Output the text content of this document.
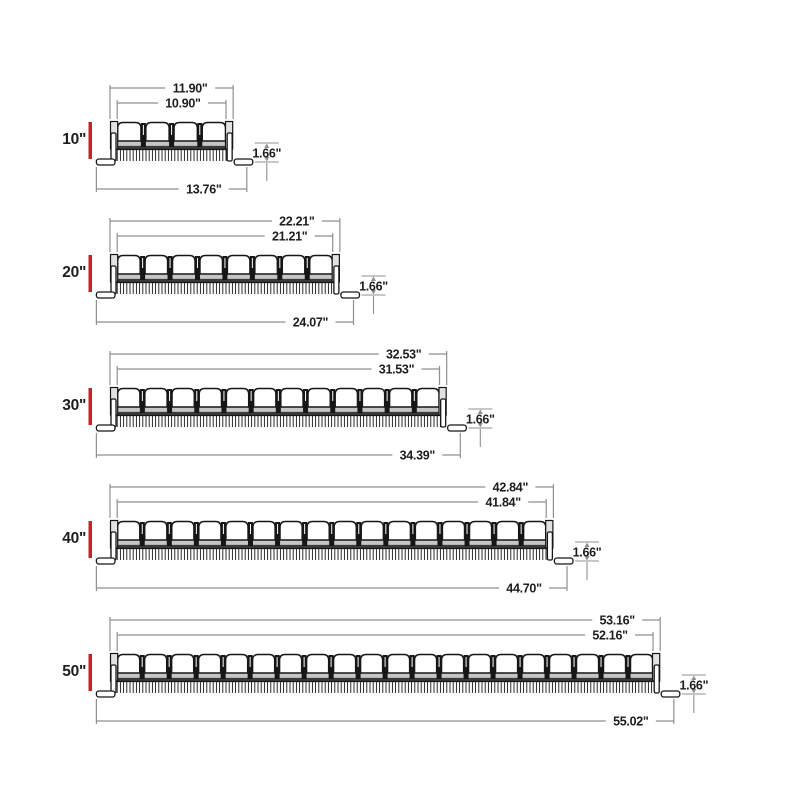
10"
11.90"
10.90"
1.66"
13.76"
20"
22.21"
21.21"
1.66"
24.07"
30"
32.53"
31.53"
1.66"
34.39"
40"
42.84"
41.84"
1.66"
44.70"
50"
53.16"
52.16"
1.66"
55.02"
